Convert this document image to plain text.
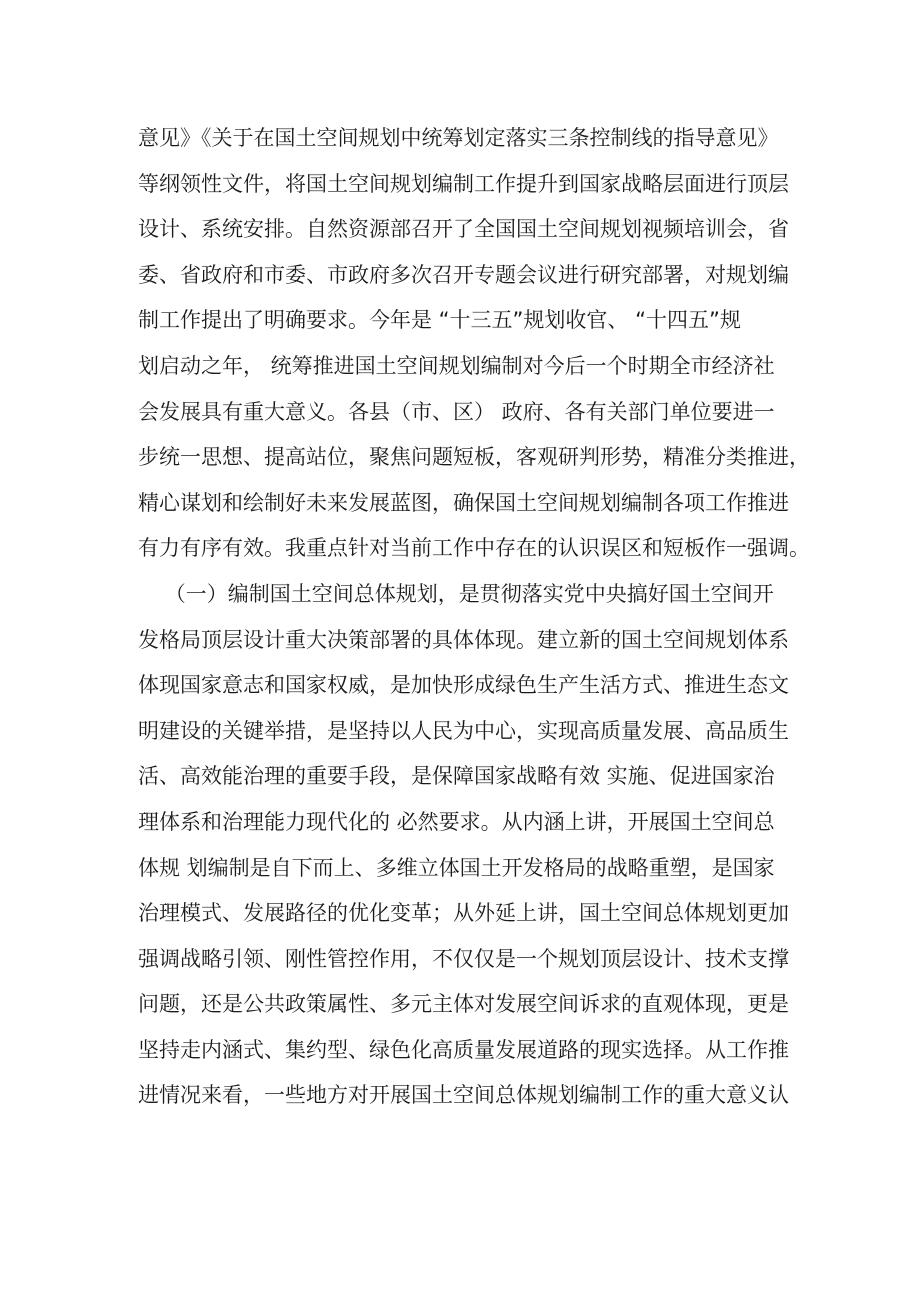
意见》《关于在国土空间规划中统筹划定落实三条控制线的指导意见》
等纲领性文件，将国土空间规划编制工作提升到国家战略层面进行顶层
设计、系统安排。自然资源部召开了全国国土空间规划视频培训会，省
委、省政府和市委、市政府多次召开专题会议进行研究部署，对规划编
制工作提出了明确要求。今年是 “十三五”规划收官、 “十四五”规
划启动之年， 统筹推进国土空间规划编制对今后一个时期全市经济社
会发展具有重大意义。各县（市、区） 政府、各有关部门单位要进一
步统一思想、提高站位，聚焦问题短板，客观研判形势，精准分类推进，
精心谋划和绘制好未来发展蓝图，确保国土空间规划编制各项工作推进
有力有序有效。我重点针对当前工作中存在的认识误区和短板作一强调。
（一）编制国土空间总体规划，是贯彻落实党中央搞好国土空间开
发格局顶层设计重大决策部署的具体体现。建立新的国土空间规划体系
体现国家意志和国家权威，是加快形成绿色生产生活方式、推进生态文
明建设的关键举措，是坚持以人民为中心，实现高质量发展、高品质生
活、高效能治理的重要手段，是保障国家战略有效 实施、促进国家治
理体系和治理能力现代化的 必然要求。从内涵上讲，开展国土空间总
体规 划编制是自下而上、多维立体国土开发格局的战略重塑，是国家
治理模式、发展路径的优化变革；从外延上讲，国土空间总体规划更加
强调战略引领、刚性管控作用，不仅仅是一个规划顶层设计、技术支撑
问题，还是公共政策属性、多元主体对发展空间诉求的直观体现，更是
坚持走内涵式、集约型、绿色化高质量发展道路的现实选择。从工作推
进情况来看，一些地方对开展国土空间总体规划编制工作的重大意义认
